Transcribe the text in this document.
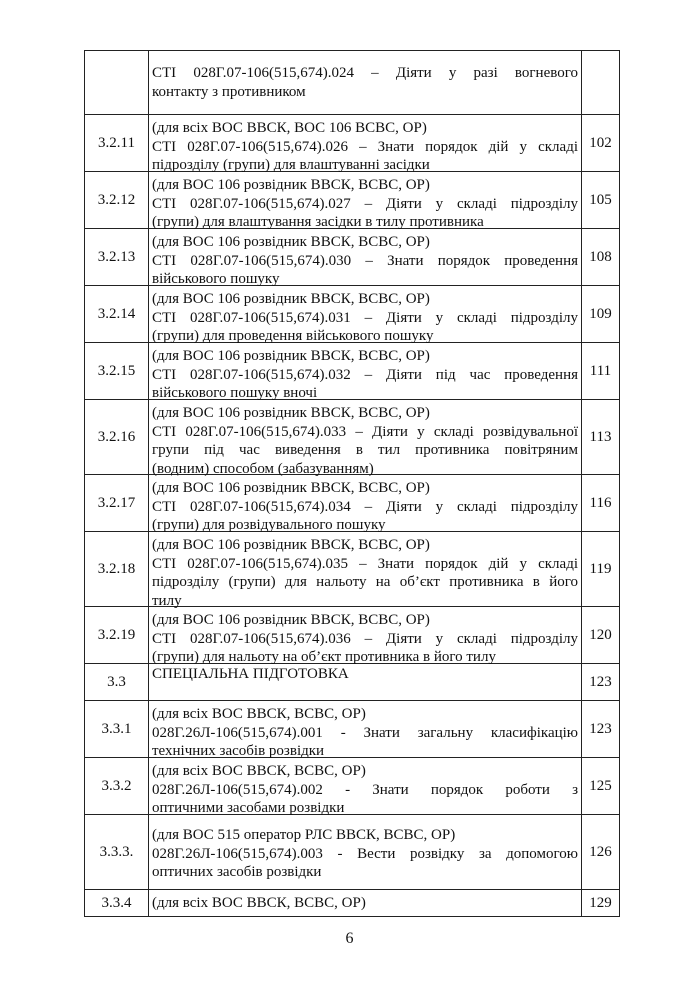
	СТІ 028Г.07-106(515,674).024 – Діяти у разі вогневого
контакту з противником	

3.2.11	(для всіх ВОС ВВСК, ВОС 106 ВСВС, ОР)
СТІ 028Г.07-106(515,674).026 – Знати порядок дій у складі
підрозділу (групи) для влаштуванні засідки	102
3.2.12	(для ВОС 106 розвідник ВВСК, ВСВС, ОР)
СТІ 028Г.07-106(515,674).027 – Діяти у складі підрозділу
(групи) для влаштування засідки в тилу противника	105
3.2.13	(для ВОС 106 розвідник ВВСК, ВСВС, ОР)
СТІ 028Г.07-106(515,674).030 – Знати порядок проведення
військового пошуку	108
3.2.14	(для ВОС 106 розвідник ВВСК, ВСВС, ОР)
СТІ 028Г.07-106(515,674).031 – Діяти у складі підрозділу
(групи) для проведення військового пошуку	109
3.2.15	(для ВОС 106 розвідник ВВСК, ВСВС, ОР)
СТІ 028Г.07-106(515,674).032 – Діяти під час проведення
військового пошуку вночі	111
3.2.16	(для ВОС 106 розвідник ВВСК, ВСВС, ОР)
СТІ 028Г.07-106(515,674).033 – Діяти у складі розвідувальної
групи під час виведення в тил противника повітряним
(водним) способом (забазуванням)	113
3.2.17	(для ВОС 106 розвідник ВВСК, ВСВС, ОР)
СТІ 028Г.07-106(515,674).034 – Діяти у складі підрозділу
(групи) для розвідувального пошуку	116
3.2.18	(для ВОС 106 розвідник ВВСК, ВСВС, ОР)
СТІ 028Г.07-106(515,674).035 – Знати порядок дій у складі
підрозділу (групи) для нальоту на об’єкт противника в його
тилу	119
3.2.19	(для ВОС 106 розвідник ВВСК, ВСВС, ОР)
СТІ 028Г.07-106(515,674).036 – Діяти у складі підрозділу
(групи) для нальоту на об’єкт противника в його тилу	120
3.3	СПЕЦІАЛЬНА ПІДГОТОВКА	123
3.3.1	(для всіх ВОС ВВСК, ВСВС, ОР)
028Г.26Л-106(515,674).001 - Знати загальну класифікацію
технічних засобів розвідки	123
3.3.2	(для всіх ВОС ВВСК, ВСВС, ОР)
028Г.26Л-106(515,674).002 - Знати порядок роботи з
оптичними засобами розвідки	125
3.3.3.	(для ВОС 515 оператор РЛС ВВСК, ВСВС, ОР)
028Г.26Л-106(515,674).003 - Вести розвідку за допомогою
оптичних засобів розвідки	126
3.3.4	(для всіх ВОС ВВСК, ВСВС, ОР)	129
6
